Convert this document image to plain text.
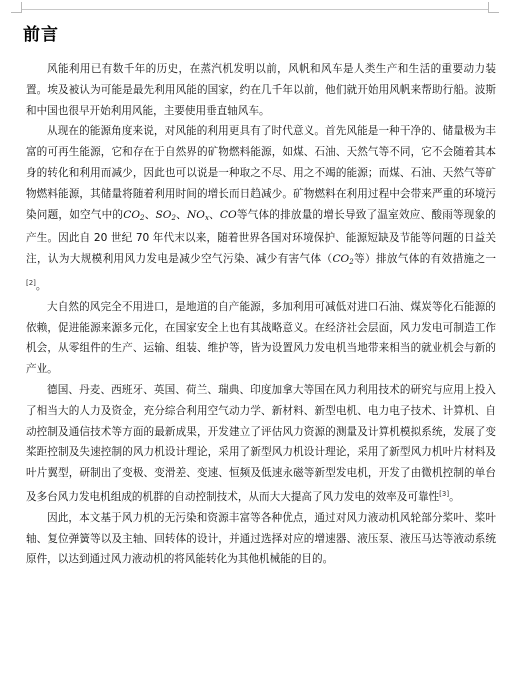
前言

风能利用已有数千年的历史，在蒸汽机发明以前，风帆和风车是人类生产和生活的重要动力装置。埃及被认为可能是最先利用风能的国家，约在几千年以前，他们就开始用风帆来帮助行船。波斯和中国也很早开始利用风能，主要使用垂直轴风车。

从现在的能源角度来说，对风能的利用更具有了时代意义。首先风能是一种干净的、储量极为丰富的可再生能源，它和存在于自然界的矿物燃料能源，如煤、石油、天然气等不同，它不会随着其本身的转化和利用而减少，因此也可以说是一种取之不尽、用之不竭的能源；而煤、石油、天然气等矿物燃料能源，其储量将随着利用时间的增长而日趋减少。矿物燃料在利用过程中会带来严重的环境污染问题，如空气中的$CO_2$、$SO_2$、$NO_x$、CO等气体的排放量的增长导致了温室效应、酸雨等现象的产生。因此自 20 世纪 70 年代末以来，随着世界各国对环境保护、能源短缺及节能等问题的日益关注，认为大规模利用风力发电是减少空气污染、减少有害气体（$CO_2$等）排放气体的有效措施之一[2]。

大自然的风完全不用进口，是地道的自产能源，多加利用可减低对进口石油、煤炭等化石能源的依赖，促进能源来源多元化，在国家安全上也有其战略意义。在经济社会层面，风力发电可制造工作机会，从零组件的生产、运输、组装、维护等，皆为设置风力发电机当地带来相当的就业机会与新的产业。

德国、丹麦、西班牙、英国、荷兰、瑞典、印度加拿大等国在风力利用技术的研究与应用上投入了相当大的人力及资金，充分综合利用空气动力学、新材料、新型电机、电力电子技术、计算机、自动控制及通信技术等方面的最新成果，开发建立了评估风力资源的测量及计算机模拟系统，发展了变桨距控制及失速控制的风力机设计理论，采用了新型风力机设计理论，采用了新型风力机叶片材料及叶片翼型，研制出了变极、变滑差、变速、恒频及低速永磁等新型发电机，开发了由微机控制的单台及多台风力发电机组成的机群的自动控制技术，从而大大提高了风力发电的效率及可靠性[3]。

因此，本文基于风力机的无污染和资源丰富等各种优点，通过对风力液动机风轮部分桨叶、桨叶轴、复位弹簧等以及主轴、回转体的设计，并通过选择对应的增速器、液压泵、液压马达等液动系统原件，以达到通过风力液动机的将风能转化为其他机械能的目的。
